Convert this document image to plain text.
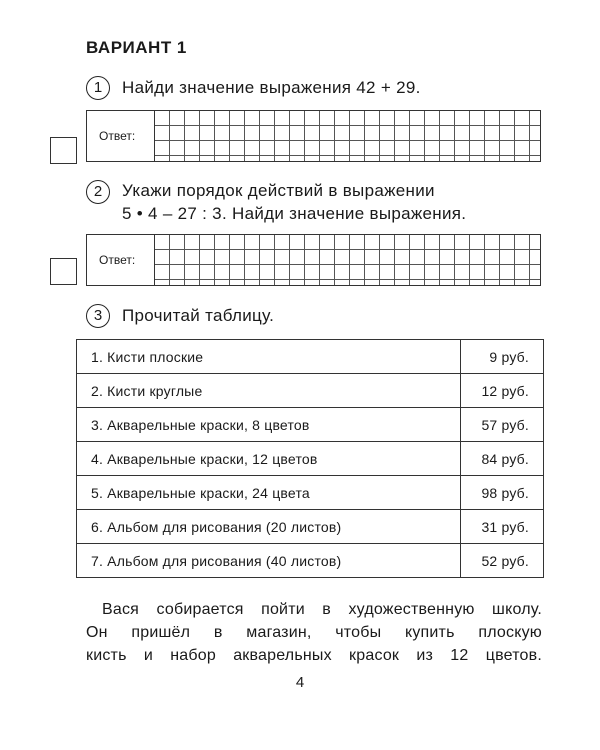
ВАРИАНТ 1
1	Найди значение выражения 42 + 29.
Ответ:
2	Укажи порядок действий в выражении
5 • 4 – 27 : 3. Найди значение выражения.
Ответ:
3	Прочитай таблицу.
1. Кисти плоские	9 руб.
2. Кисти круглые	12 руб.
3. Акварельные краски, 8 цветов	57 руб.
4. Акварельные краски, 12 цветов	84 руб.
5. Акварельные краски, 24 цвета	98 руб.
6. Альбом для рисования (20 листов)	31 руб.
7. Альбом для рисования (40 листов)	52 руб.
Вася собирается пойти в художественную школу.
Он пришёл в магазин, чтобы купить плоскую
кисть и набор акварельных красок из 12 цветов.
4
